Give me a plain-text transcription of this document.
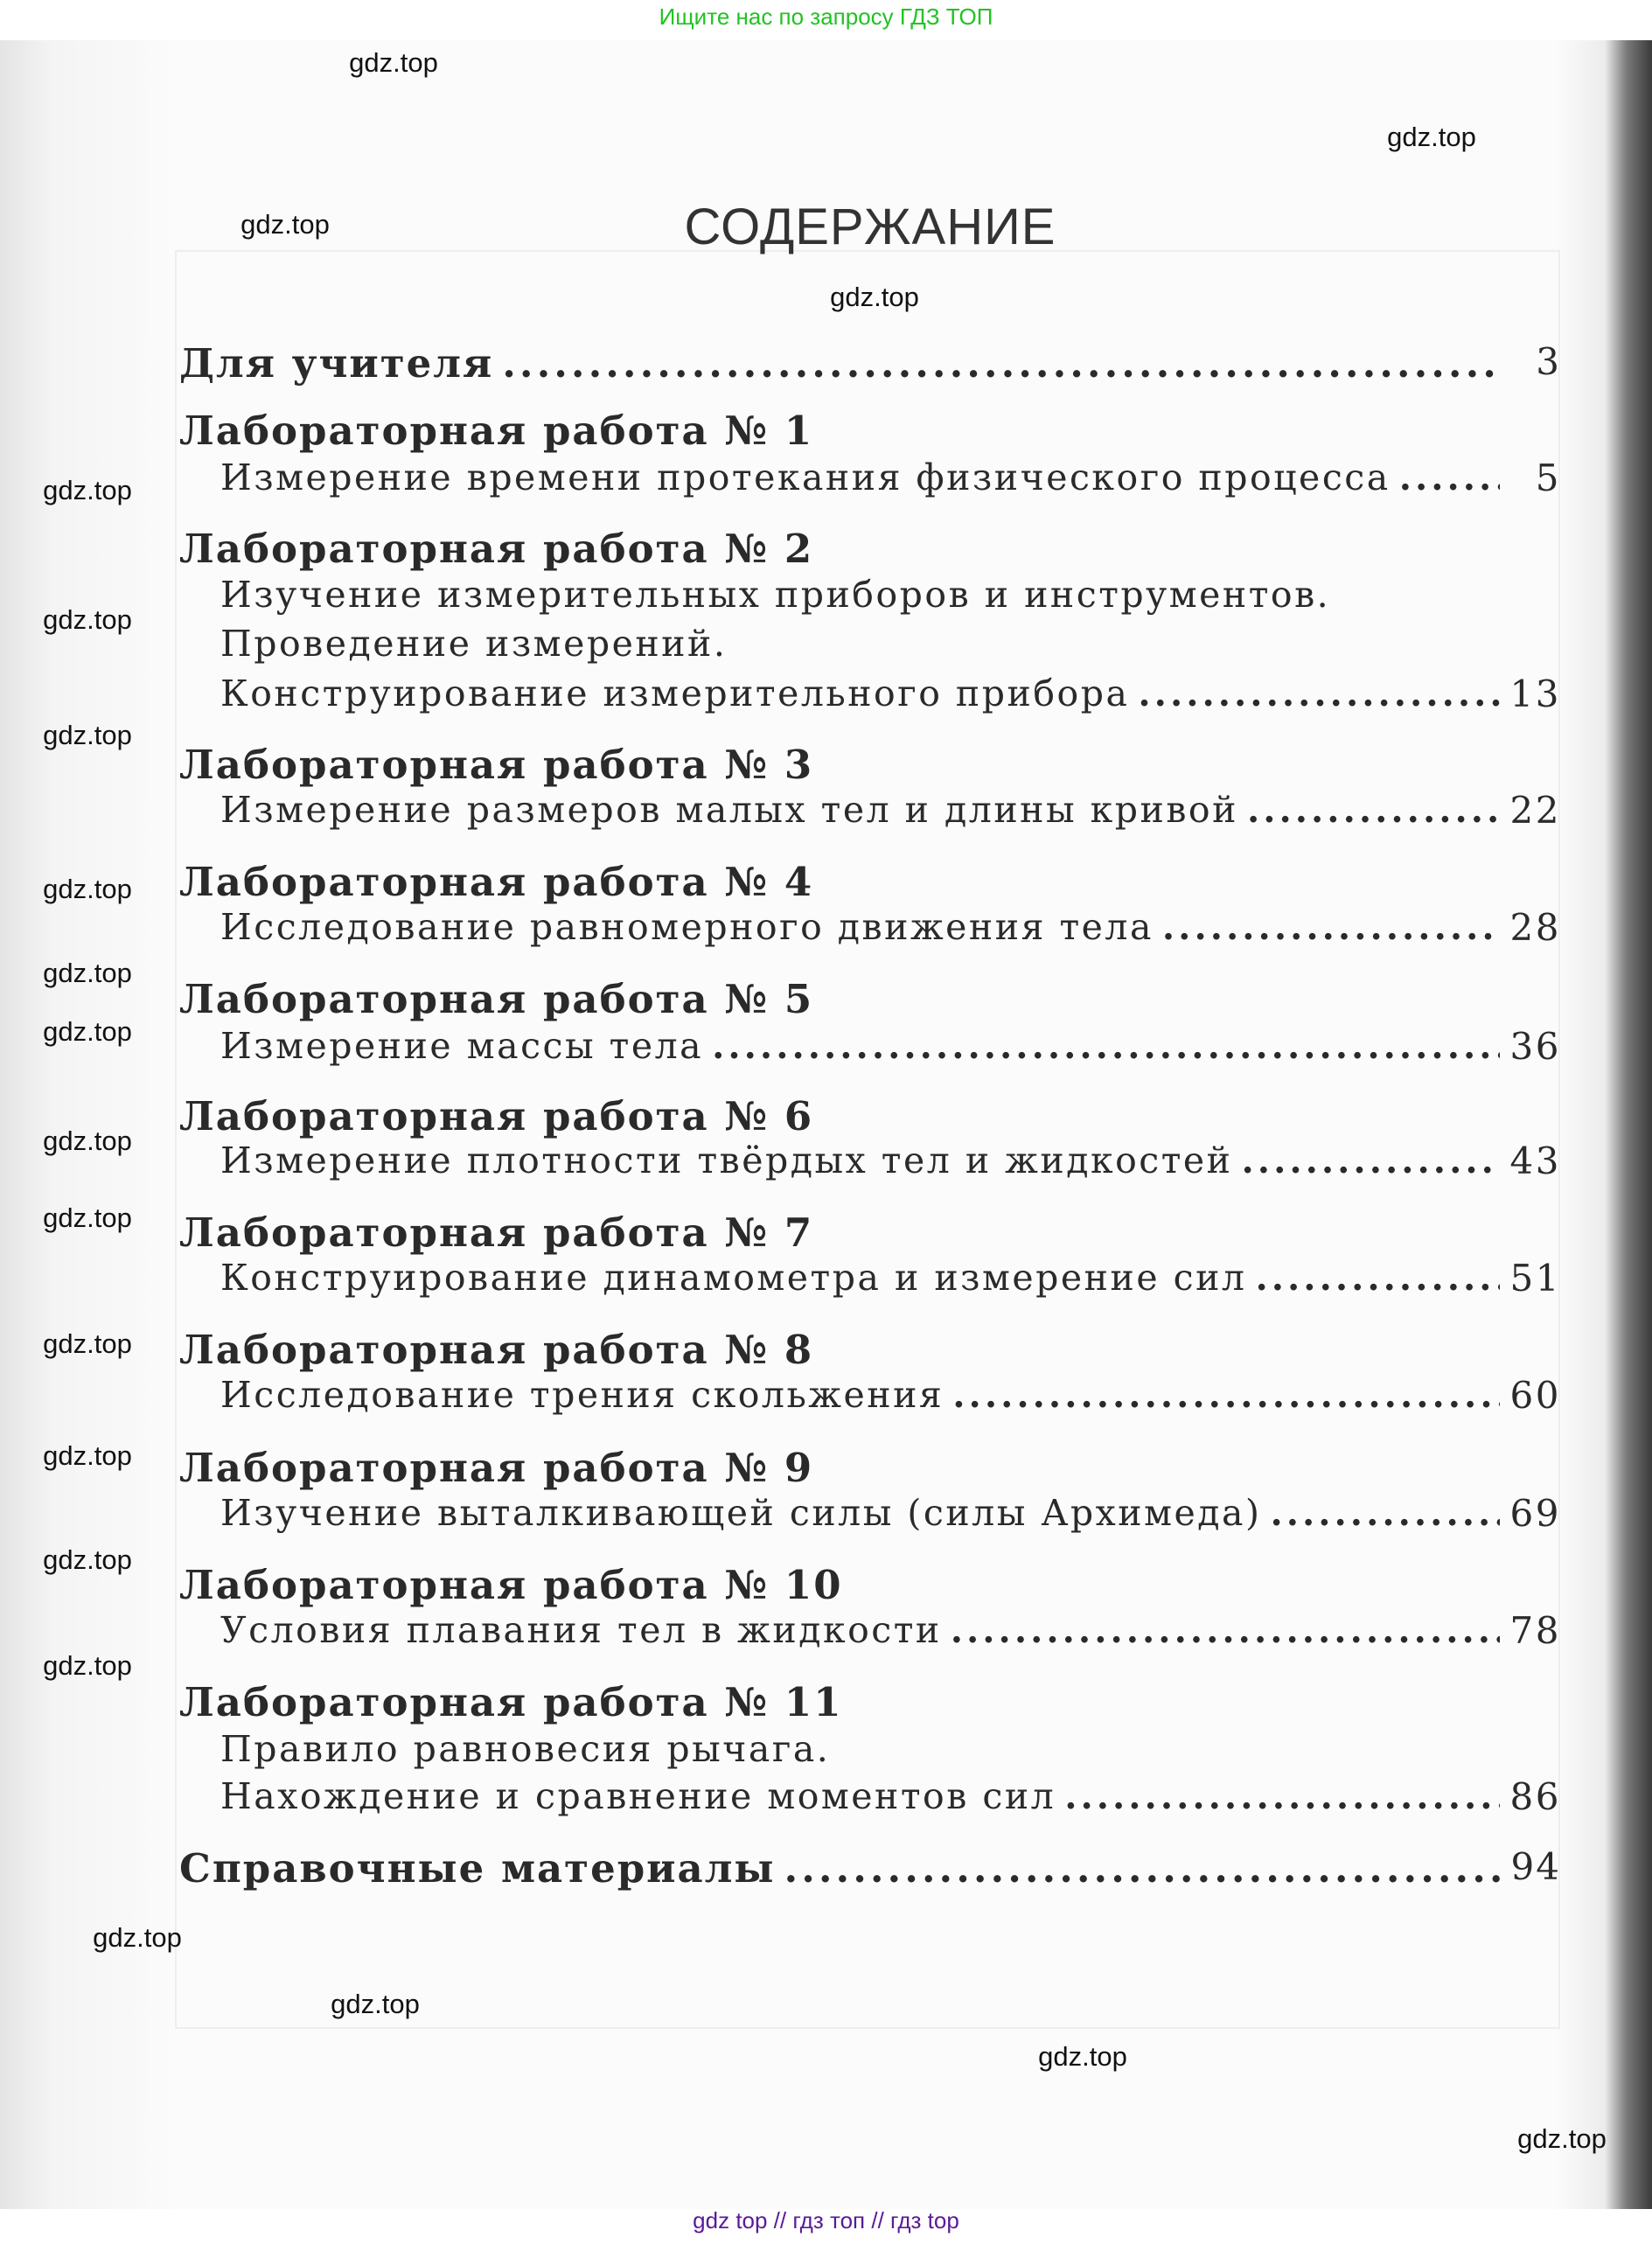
Ищите нас по запросу ГДЗ ТОП
СОДЕРЖАНИЕ
Для учителя .....	3
Лабораторная работа № 1
Измерение времени протекания физического процесса .....	5
Лабораторная работа № 2
Изучение измерительных приборов и инструментов.
Проведение измерений.
Конструирование измерительного прибора .....	13
Лабораторная работа № 3
Измерение размеров малых тел и длины кривой .....	22
Лабораторная работа № 4
Исследование равномерного движения тела .....	28
Лабораторная работа № 5
Измерение массы тела .....	36
Лабораторная работа № 6
Измерение плотности твёрдых тел и жидкостей .....	43
Лабораторная работа № 7
Конструирование динамометра и измерение сил .....	51
Лабораторная работа № 8
Исследование трения скольжения .....	60
Лабораторная работа № 9
Изучение выталкивающей силы (силы Архимеда) .....	69
Лабораторная работа № 10
Условия плавания тел в жидкости .....	78
Лабораторная работа № 11
Правило равновесия рычага.
Нахождение и сравнение моментов сил .....	86
Справочные материалы .....	94
gdz.top
gdz.top
gdz.top
gdz.top
gdz.top
gdz.top
gdz.top
gdz.top
gdz.top
gdz.top
gdz.top
gdz.top
gdz.top
gdz.top
gdz.top
gdz.top
gdz.top
gdz.top
gdz.top
gdz.top
gdz top // гдз топ // гдз top
